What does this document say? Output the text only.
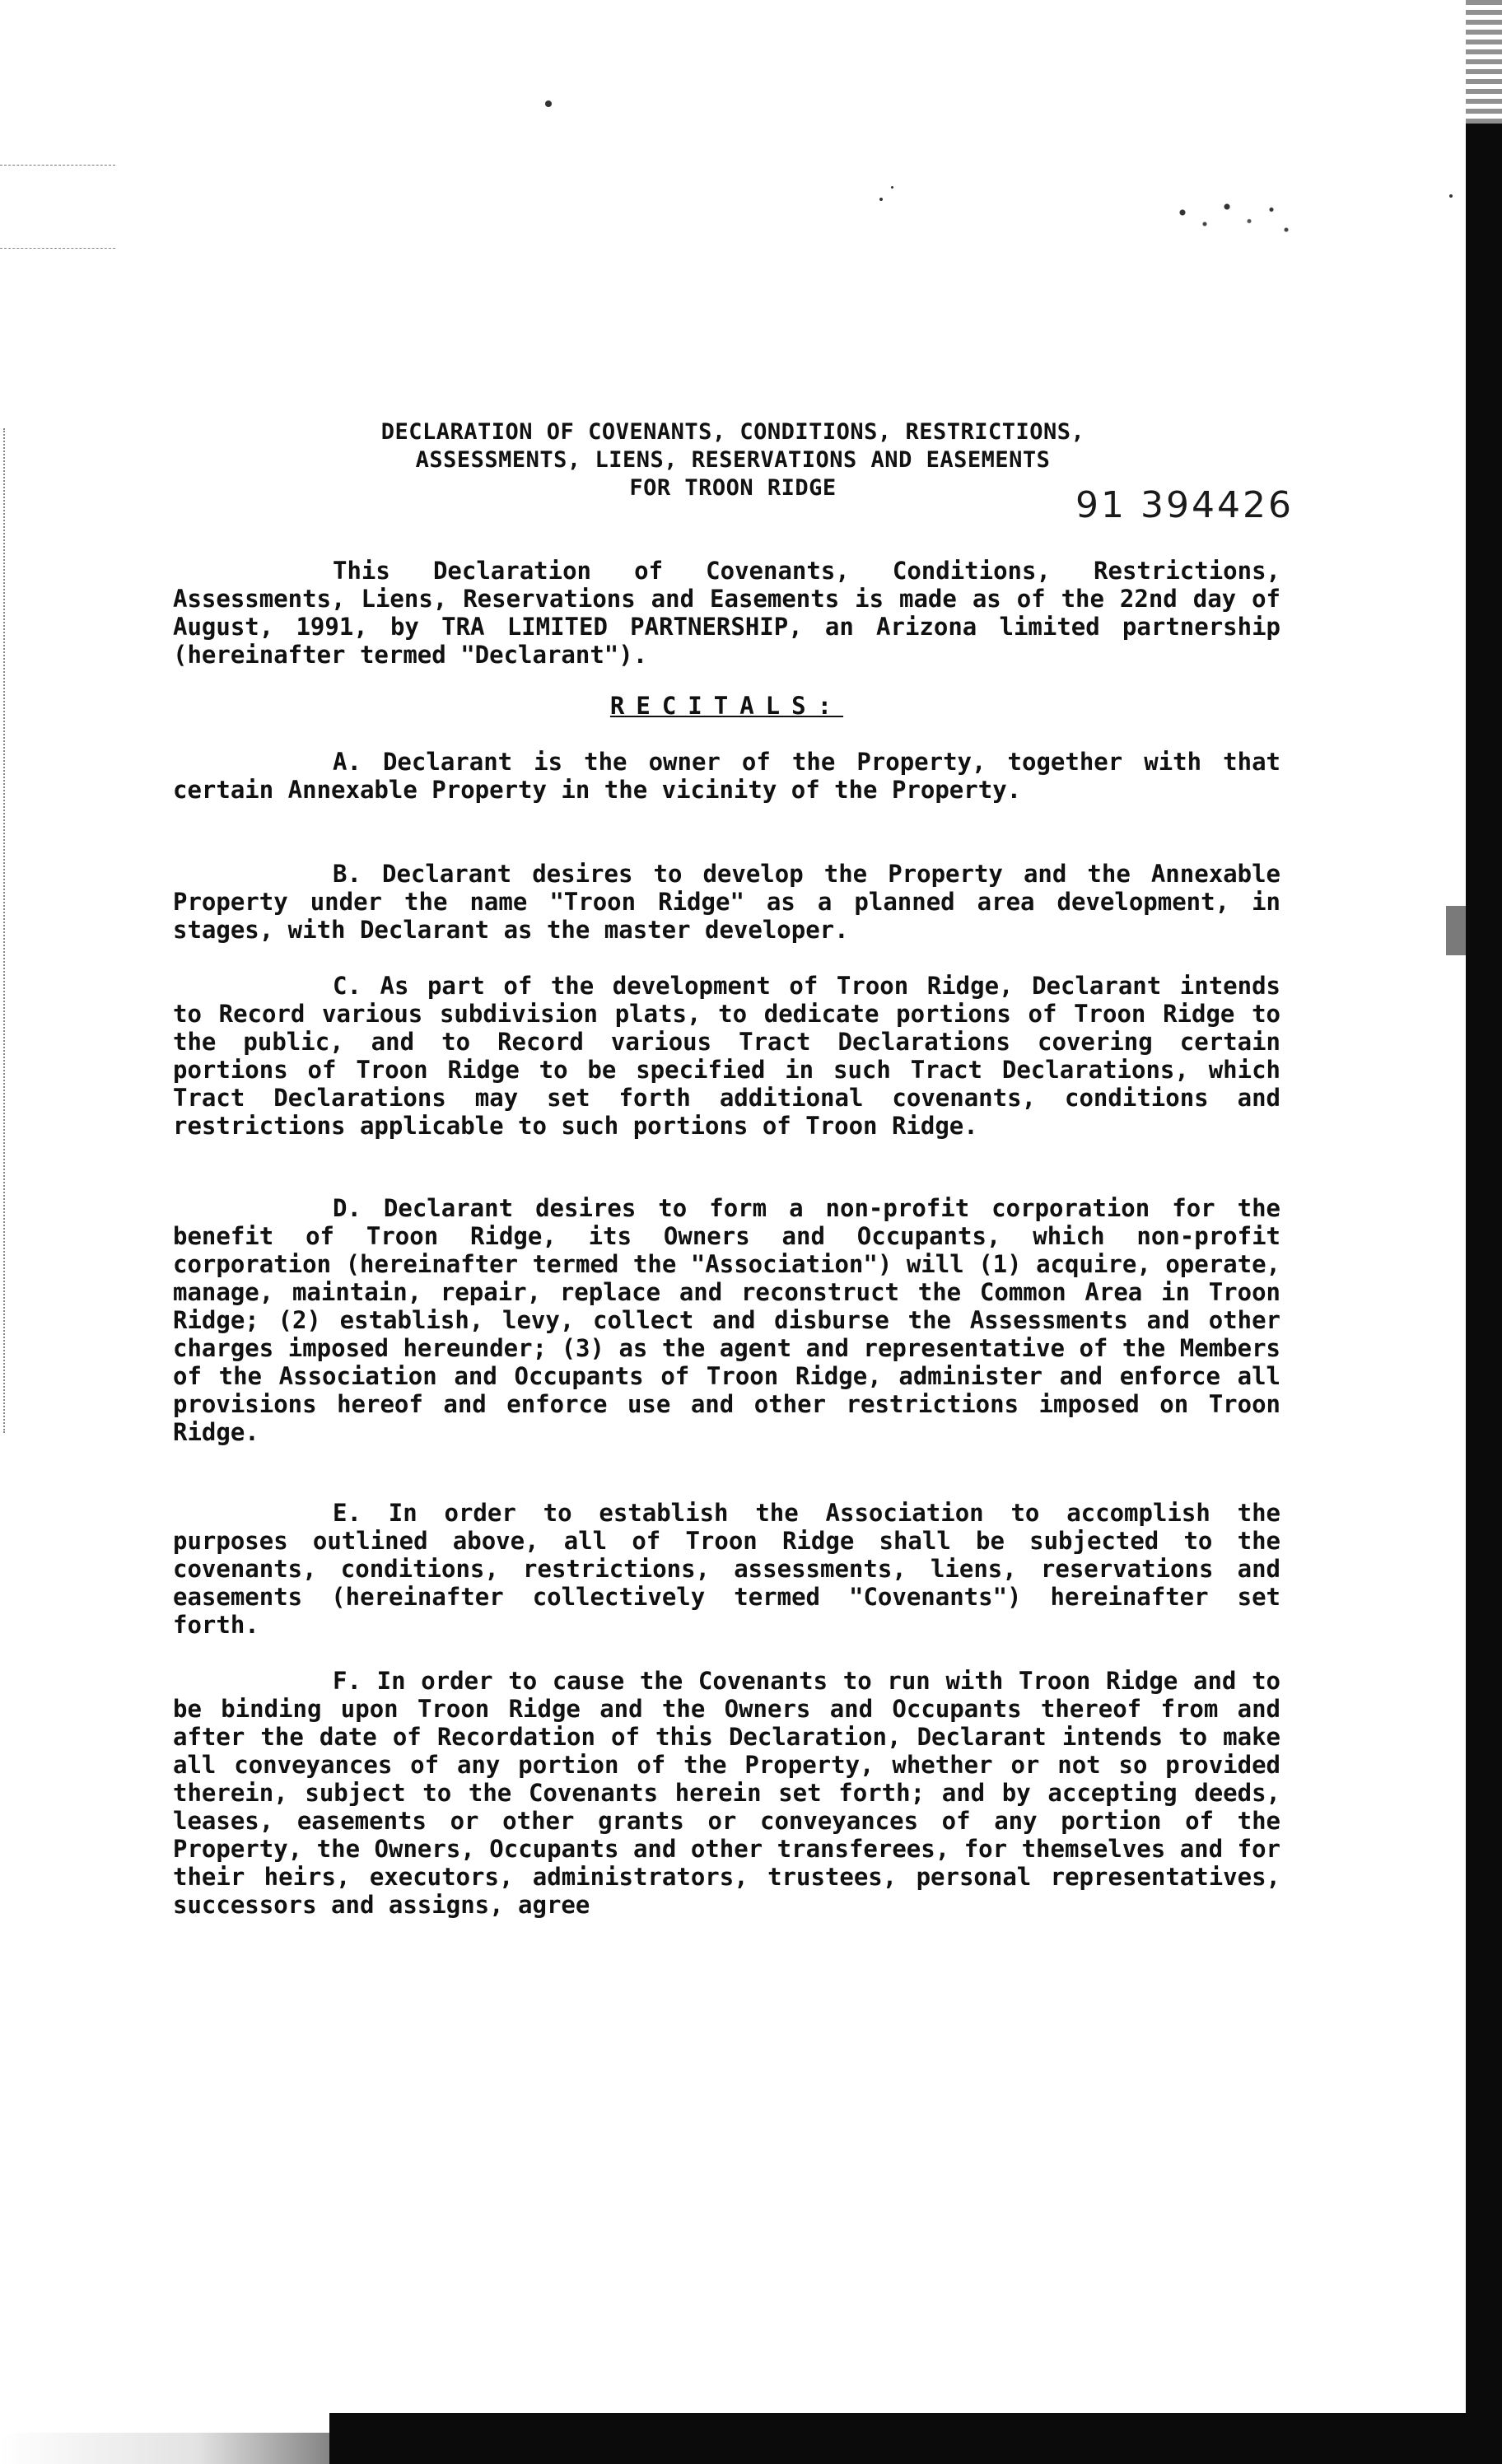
DECLARATION OF COVENANTS, CONDITIONS, RESTRICTIONS,
ASSESSMENTS, LIENS, RESERVATIONS AND EASEMENTS
FOR TROON RIDGE	91 394426
This Declaration of Covenants, Conditions, Restrictions, Assessments, Liens, Reservations and Easements is made as of the 22nd day of August, 1991, by TRA LIMITED PARTNERSHIP, an Arizona limited partnership (hereinafter termed "Declarant").
RECITALS:
A. Declarant is the owner of the Property, together with that certain Annexable Property in the vicinity of the Property.
B. Declarant desires to develop the Property and the Annexable Property under the name "Troon Ridge" as a planned area development, in stages, with Declarant as the master developer.
C. As part of the development of Troon Ridge, Declarant intends to Record various subdivision plats, to dedicate portions of Troon Ridge to the public, and to Record various Tract Declarations covering certain portions of Troon Ridge to be specified in such Tract Declarations, which Tract Declarations may set forth additional covenants, conditions and restrictions applicable to such portions of Troon Ridge.
D. Declarant desires to form a non-profit corporation for the benefit of Troon Ridge, its Owners and Occupants, which non-profit corporation (hereinafter termed the "Association") will (1) acquire, operate, manage, maintain, repair, replace and reconstruct the Common Area in Troon Ridge; (2) establish, levy, collect and disburse the Assessments and other charges imposed hereunder; (3) as the agent and representative of the Members of the Association and Occupants of Troon Ridge, administer and enforce all provisions hereof and enforce use and other restrictions imposed on Troon Ridge.
E. In order to establish the Association to accomplish the purposes outlined above, all of Troon Ridge shall be subjected to the covenants, conditions, restrictions, assessments, liens, reservations and easements (hereinafter collectively termed "Covenants") hereinafter set forth.
F. In order to cause the Covenants to run with Troon Ridge and to be binding upon Troon Ridge and the Owners and Occupants thereof from and after the date of Recordation of this Declaration, Declarant intends to make all conveyances of any portion of the Property, whether or not so provided therein, subject to the Covenants herein set forth; and by accepting deeds, leases, easements or other grants or conveyances of any portion of the Property, the Owners, Occupants and other transferees, for themselves and for their heirs, executors, administrators, trustees, personal representatives, successors and assigns, agree
